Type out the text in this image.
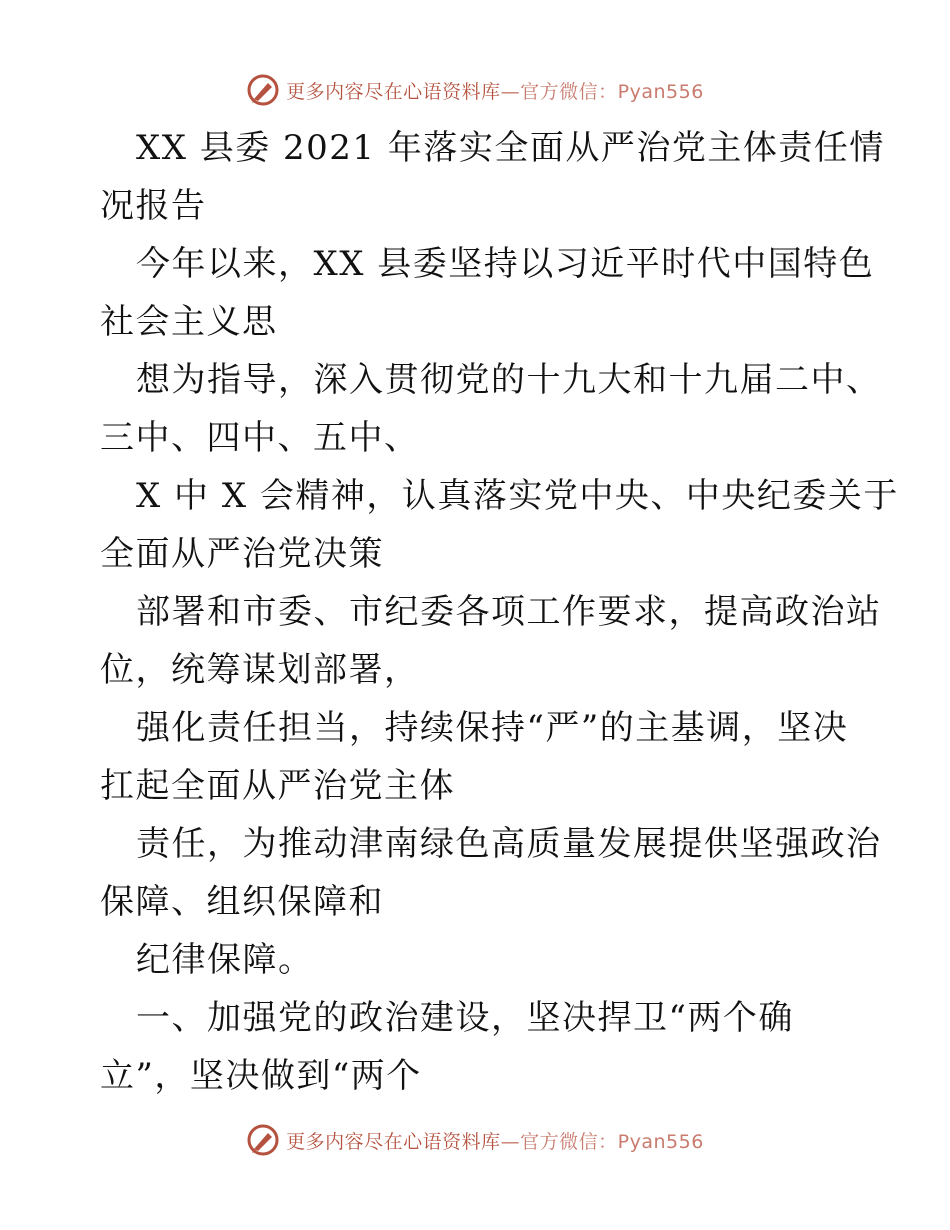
更多内容尽在心语资料库—官方微信：Pyan556
XX 县委 2021 年落实全面从严治党主体责任情
况报告
今年以来，XX 县委坚持以习近平时代中国特色
社会主义思
想为指导，深入贯彻党的十九大和十九届二中、
三中、四中、五中、
X 中 X 会精神，认真落实党中央、中央纪委关于
全面从严治党决策
部署和市委、市纪委各项工作要求，提高政治站
位，统筹谋划部署，
强化责任担当，持续保持“严”的主基调，坚决
扛起全面从严治党主体
责任，为推动津南绿色高质量发展提供坚强政治
保障、组织保障和
纪律保障。
一、加强党的政治建设，坚决捍卫“两个确
立”，坚决做到“两个
更多内容尽在心语资料库—官方微信：Pyan556
